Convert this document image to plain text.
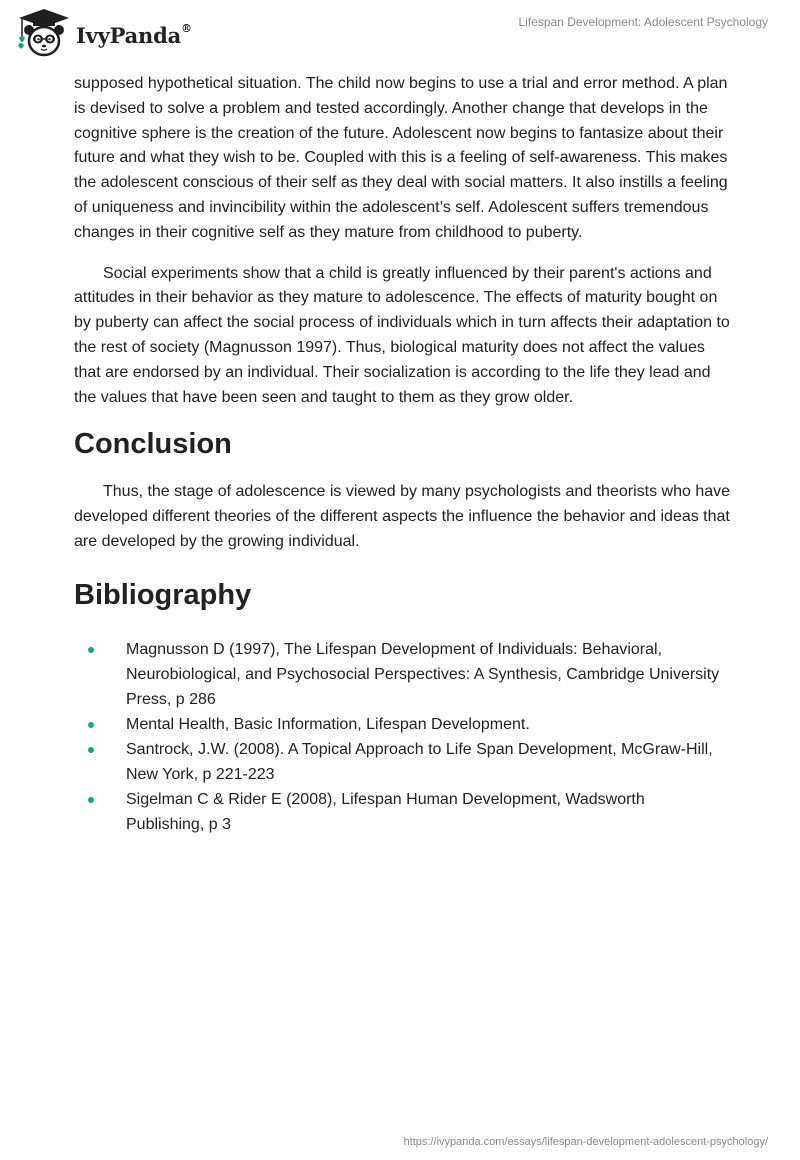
IvyPanda®	Lifespan Development: Adolescent Psychology

supposed hypothetical situation. The child now begins to use a trial and error method. A plan is devised to solve a problem and tested accordingly. Another change that develops in the cognitive sphere is the creation of the future. Adolescent now begins to fantasize about their future and what they wish to be. Coupled with this is a feeling of self-awareness. This makes the adolescent conscious of their self as they deal with social matters. It also instills a feeling of uniqueness and invincibility within the adolescent’s self. Adolescent suffers tremendous changes in their cognitive self as they mature from childhood to puberty.

Social experiments show that a child is greatly influenced by their parent's actions and attitudes in their behavior as they mature to adolescence. The effects of maturity bought on by puberty can affect the social process of individuals which in turn affects their adaptation to the rest of society (Magnusson 1997). Thus, biological maturity does not affect the values that are endorsed by an individual. Their socialization is according to the life they lead and the values that have been seen and taught to them as they grow older.

Conclusion

Thus, the stage of adolescence is viewed by many psychologists and theorists who have developed different theories of the different aspects the influence the behavior and ideas that are developed by the growing individual.

Bibliography
Magnusson D (1997), The Lifespan Development of Individuals: Behavioral, Neurobiological, and Psychosocial Perspectives: A Synthesis, Cambridge University Press, p 286
Mental Health, Basic Information, Lifespan Development.
Santrock, J.W. (2008). A Topical Approach to Life Span Development, McGraw-Hill, New York, p 221-223
Sigelman C & Rider E (2008), Lifespan Human Development, Wadsworth Publishing, p 3
https://ivypanda.com/essays/lifespan-development-adolescent-psychology/
